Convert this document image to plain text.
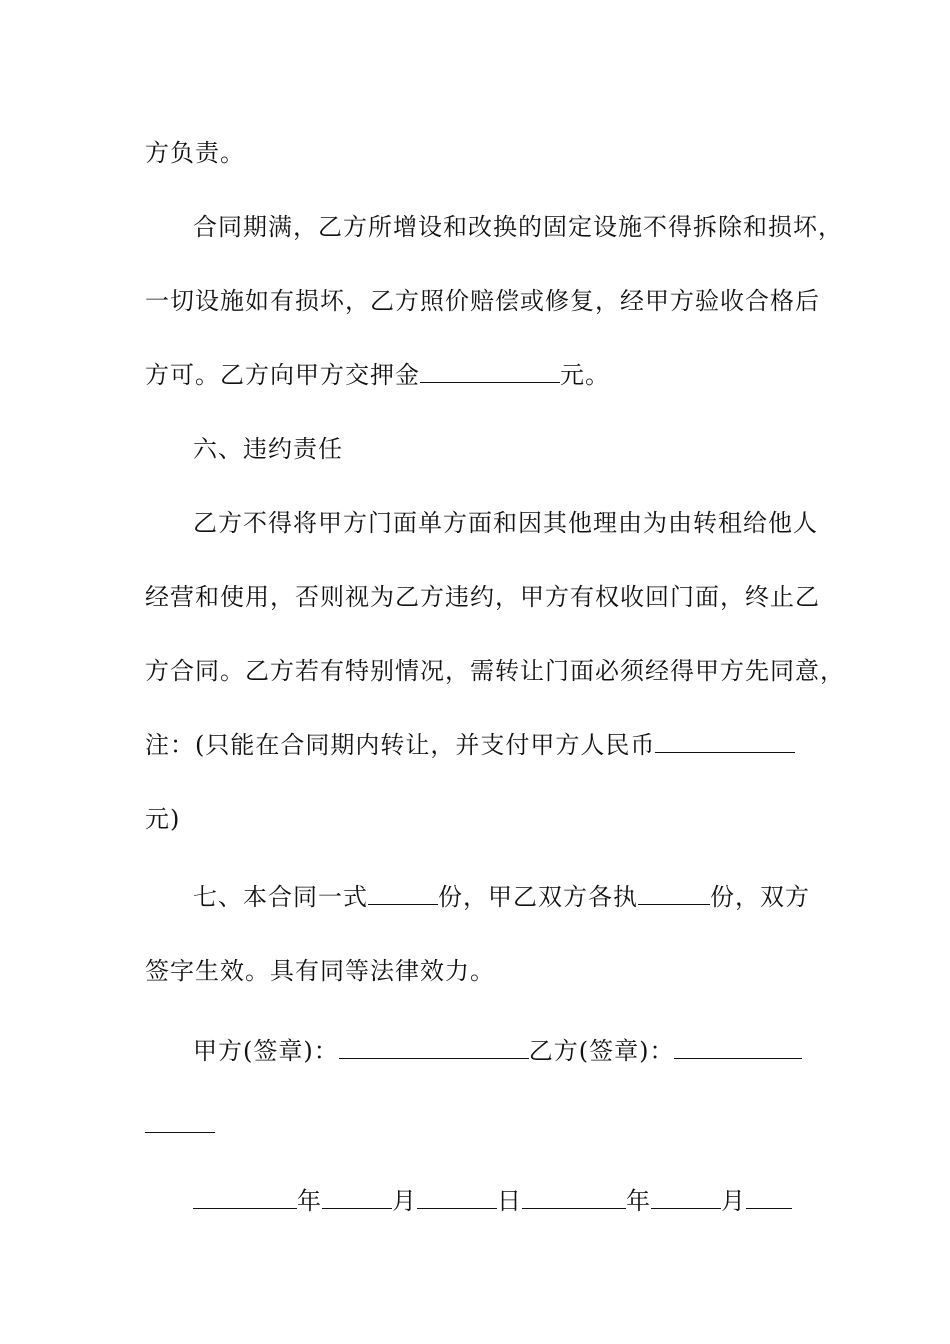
方负责。
合同期满，乙方所增设和改换的固定设施不得拆除和损坏，
一切设施如有损坏，乙方照价赔偿或修复，经甲方验收合格后
方可。乙方向甲方交押金	元。
六、违约责任
乙方不得将甲方门面单方面和因其他理由为由转租给他人
经营和使用，否则视为乙方违约，甲方有权收回门面，终止乙
方合同。乙方若有特别情况，需转让门面必须经得甲方先同意，
注：(只能在合同期内转让，并支付甲方人民币
元)
七、本合同一式	份，甲乙双方各执	份，双方
签字生效。具有同等法律效力。
甲方(签章)：	乙方(签章)：
年	月	日	年	月
